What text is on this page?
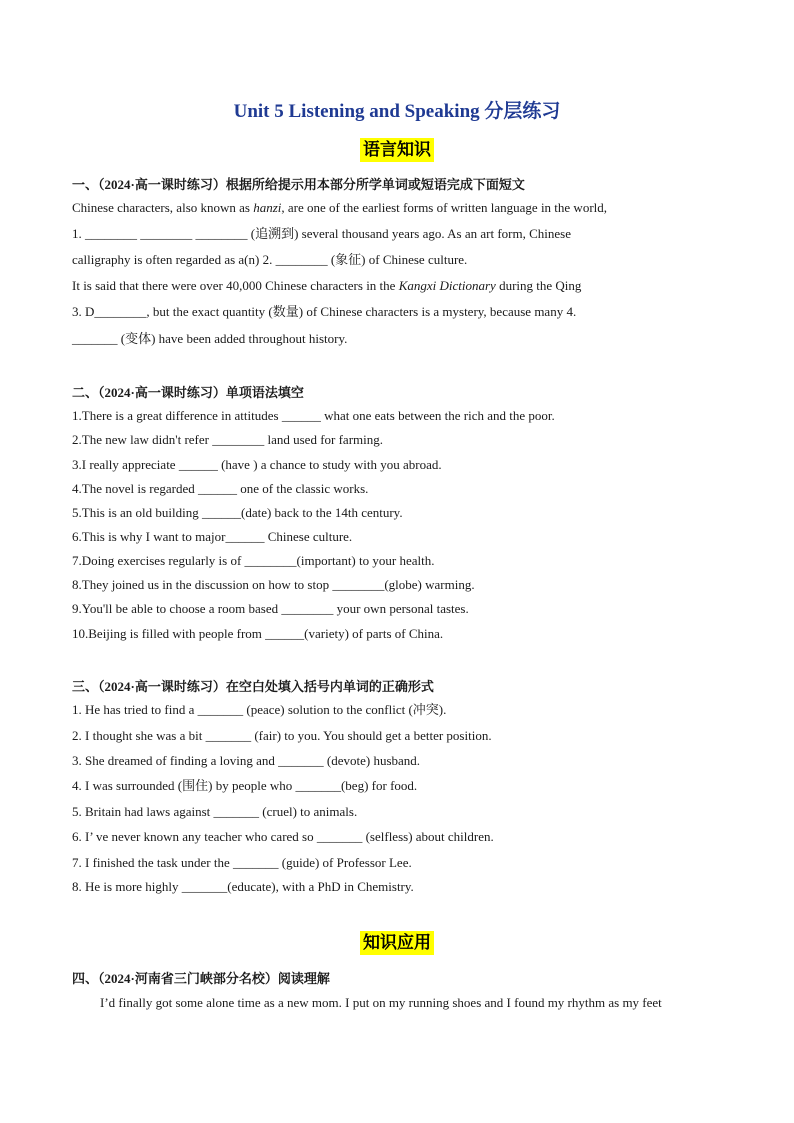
Unit 5 Listening and Speaking 分层练习
语言知识
一、（2024·高一课时练习）根据所给提示用本部分所学单词或短语完成下面短文
Chinese characters, also known as hanzi, are one of the earliest forms of written language in the world,
1. ________ ________ ________ (追溯到) several thousand years ago. As an art form, Chinese
calligraphy is often regarded as a(n) 2. ________ (象征) of Chinese culture.
It is said that there were over 40,000 Chinese characters in the Kangxi Dictionary during the Qing
3. D________, but the exact quantity (数量) of Chinese characters is a mystery, because many 4.
_______ (变体) have been added throughout history.
二、（2024·高一课时练习）单项语法填空
1.There is a great difference in attitudes ______ what one eats between the rich and the poor.
2.The new law didn't refer ________ land used for farming.
3.I really appreciate ______ (have ) a chance to study with you abroad.
4.The novel is regarded ______ one of the classic works.
5.This is an old building ______(date) back to the 14th century.
6.This is why I want to major______ Chinese culture.
7.Doing exercises regularly is of ________(important) to your health.
8.They joined us in the discussion on how to stop ________(globe) warming.
9.You'll be able to choose a room based ________ your own personal tastes.
10.Beijing is filled with people from ______(variety) of parts of China.
三、（2024·高一课时练习）在空白处填入括号内单词的正确形式
1. He has tried to find a _______ (peace) solution to the conflict (冲突).
2. I thought she was a bit _______ (fair) to you. You should get a better position.
3. She dreamed of finding a loving and _______ (devote) husband.
4. I was surrounded (围住) by people who _______(beg) for food.
5. Britain had laws against _______ (cruel) to animals.
6. I’ ve never known any teacher who cared so _______ (selfless) about children.
7. I finished the task under the _______ (guide) of Professor Lee.
8. He is more highly _______(educate), with a PhD in Chemistry.
知识应用
四、（2024·河南省三门峡部分名校）阅读理解
I’d finally got some alone time as a new mom. I put on my running shoes and I found my rhythm as my feet
